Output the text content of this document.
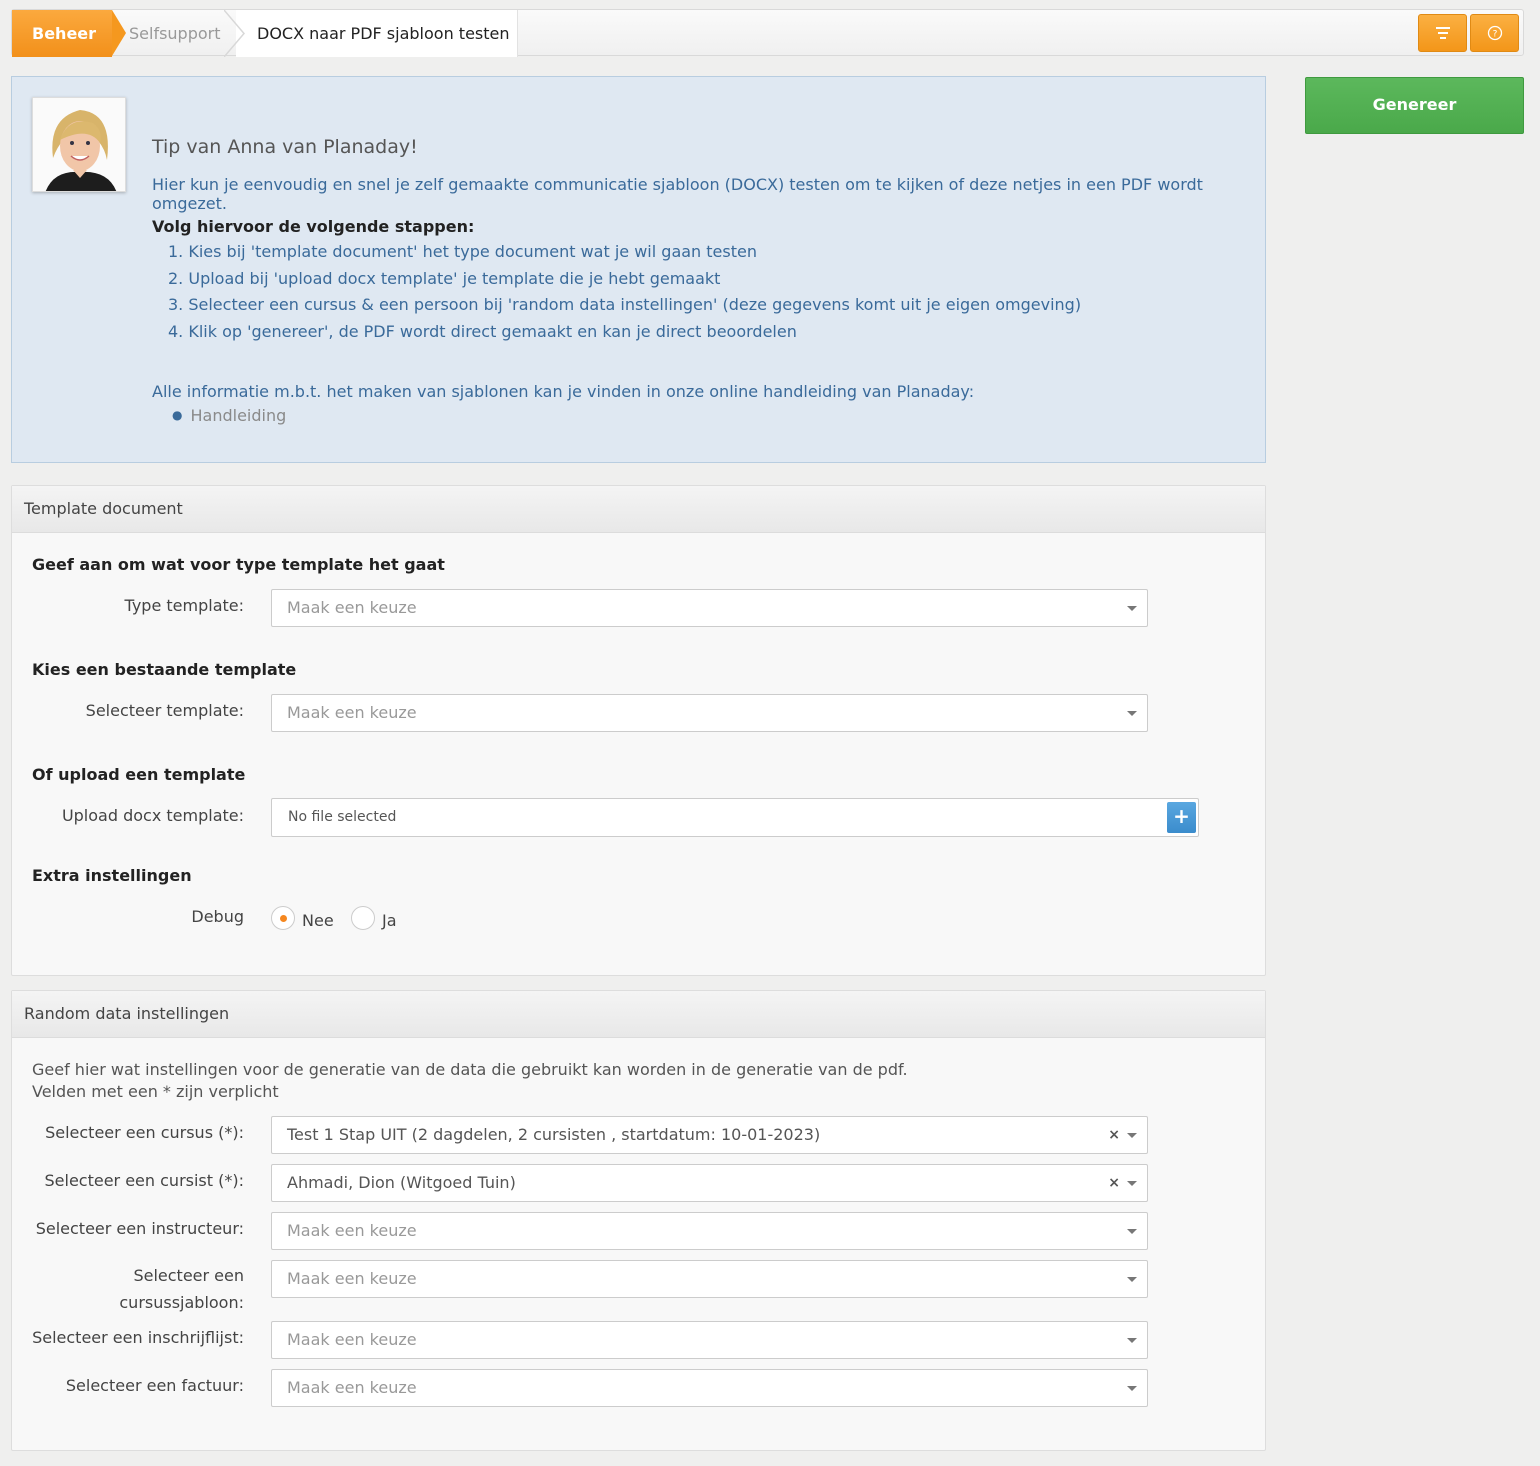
Beheer	Selfsupport DOCX naar PDF sjabloon testen	?
Tip van Anna van Planaday!
Hier kun je eenvoudig en snel je zelf gemaakte communicatie sjabloon (DOCX) testen om te kijken of deze netjes in een PDF wordt omgezet.
Volg hiervoor de volgende stappen:
1. Kies bij 'template document' het type document wat je wil gaan testen
2. Upload bij 'upload docx template' je template die je hebt gemaakt
3. Selecteer een cursus & een persoon bij 'random data instellingen' (deze gegevens komt uit je eigen omgeving)
4. Klik op 'genereer', de PDF wordt direct gemaakt en kan je direct beoordelen
Alle informatie m.b.t. het maken van sjablonen kan je vinden in onze online handleiding van Planaday:
● Handleiding
Genereer
Template document
Geef aan om wat voor type template het gaat
Type template:	Maak een keuze
Kies een bestaande template
Selecteer template:	Maak een keuze
Of upload een template
Upload docx template:	No file selected	+
Extra instellingen
Debug	Nee	Ja
Random data instellingen
Geef hier wat instellingen voor de generatie van de data die gebruikt kan worden in de generatie van de pdf.
Velden met een * zijn verplicht
Selecteer een cursus (*):	Test 1 Stap UIT (2 dagdelen, 2 cursisten , startdatum: 10-01-2023)	×
Selecteer een cursist (*):	Ahmadi, Dion (Witgoed Tuin)	×
Selecteer een instructeur:	Maak een keuze
Selecteer een
cursussjabloon:
Maak een keuze
Selecteer een inschrijflijst:	Maak een keuze
Selecteer een factuur:	Maak een keuze
